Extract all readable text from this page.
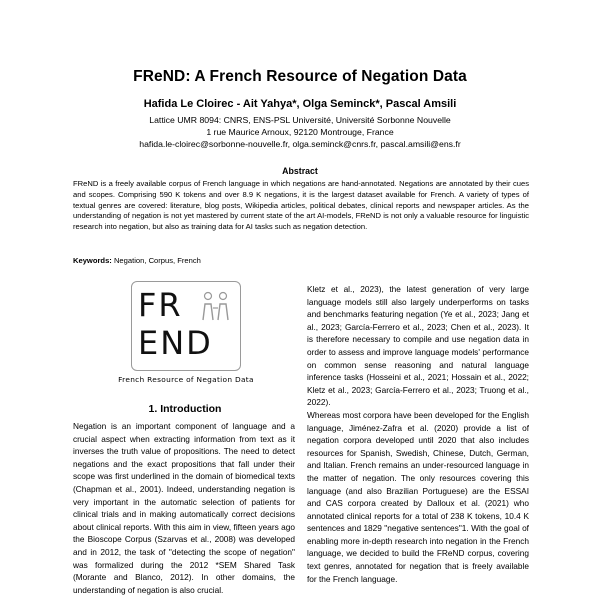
FReND: A French Resource of Negation Data
Hafida Le Cloirec - Ait Yahya*, Olga Seminck*, Pascal Amsili
Lattice UMR 8094: CNRS, ENS-PSL Université, Université Sorbonne Nouvelle
1 rue Maurice Arnoux, 92120 Montrouge, France
hafida.le-cloirec@sorbonne-nouvelle.fr, olga.seminck@cnrs.fr, pascal.amsili@ens.fr
Abstract
FReND is a freely available corpus of French language in which negations are hand-annotated. Negations are annotated by their cues and scopes. Comprising 590 K tokens and over 8.9 K negations, it is the largest dataset available for French. A variety of types of textual genres are covered: literature, blog posts, Wikipedia articles, political debates, clinical reports and newspaper articles. As the understanding of negation is not yet mastered by current state of the art AI-models, FReND is not only a valuable resource for linguistic research into negation, but also as training data for AI tasks such as negation detection.
Keywords: Negation, Corpus, French
FR
END
French Resource of Negation Data
1. Introduction

Negation is an important component of language and a crucial aspect when extracting information from text as it inverses the truth value of propositions. The need to detect negations and the exact propositions that fall under their scope was first underlined in the domain of biomedical texts (Chapman et al., 2001). Indeed, understanding negation is very important in the automatic selection of patients for clinical trials and in making automatically correct decisions about clinical reports. With this aim in view, fifteen years ago the Bioscope Corpus (Szarvas et al., 2008) was developed and in 2012, the task of "detecting the scope of negation" was formalized during the 2012 *SEM Shared Task (Morante and Blanco, 2012). In other domains, the understanding of negation is also crucial.

Kletz et al., 2023), the latest generation of very large language models still also largely underperforms on tasks and benchmarks featuring negation (Ye et al., 2023; Jang et al., 2023; García-Ferrero et al., 2023; Chen et al., 2023). It is therefore necessary to compile and use negation data in order to assess and improve language models' performance on common sense reasoning and natural language inference tasks (Hosseini et al., 2021; Hossain et al., 2022; Kletz et al., 2023; García-Ferrero et al., 2023; Truong et al., 2022).

Whereas most corpora have been developed for the English language, Jiménez-Zafra et al. (2020) provide a list of negation corpora developed until 2020 that also includes resources for Spanish, Swedish, Chinese, Dutch, German, and Italian. French remains an under-resourced language in the matter of negation. The only resources covering this language (and also Brazilian Portuguese) are the ESSAI and CAS corpora created by Dalloux et al. (2021) who annotated clinical reports for a total of 238 K tokens, 10.4 K sentences and 1829 "negative sentences"1. With the goal of enabling more in-depth research into negation in the French language, we decided to build the FReND corpus, covering text genres, annotated for negation that is freely available for the French language.
